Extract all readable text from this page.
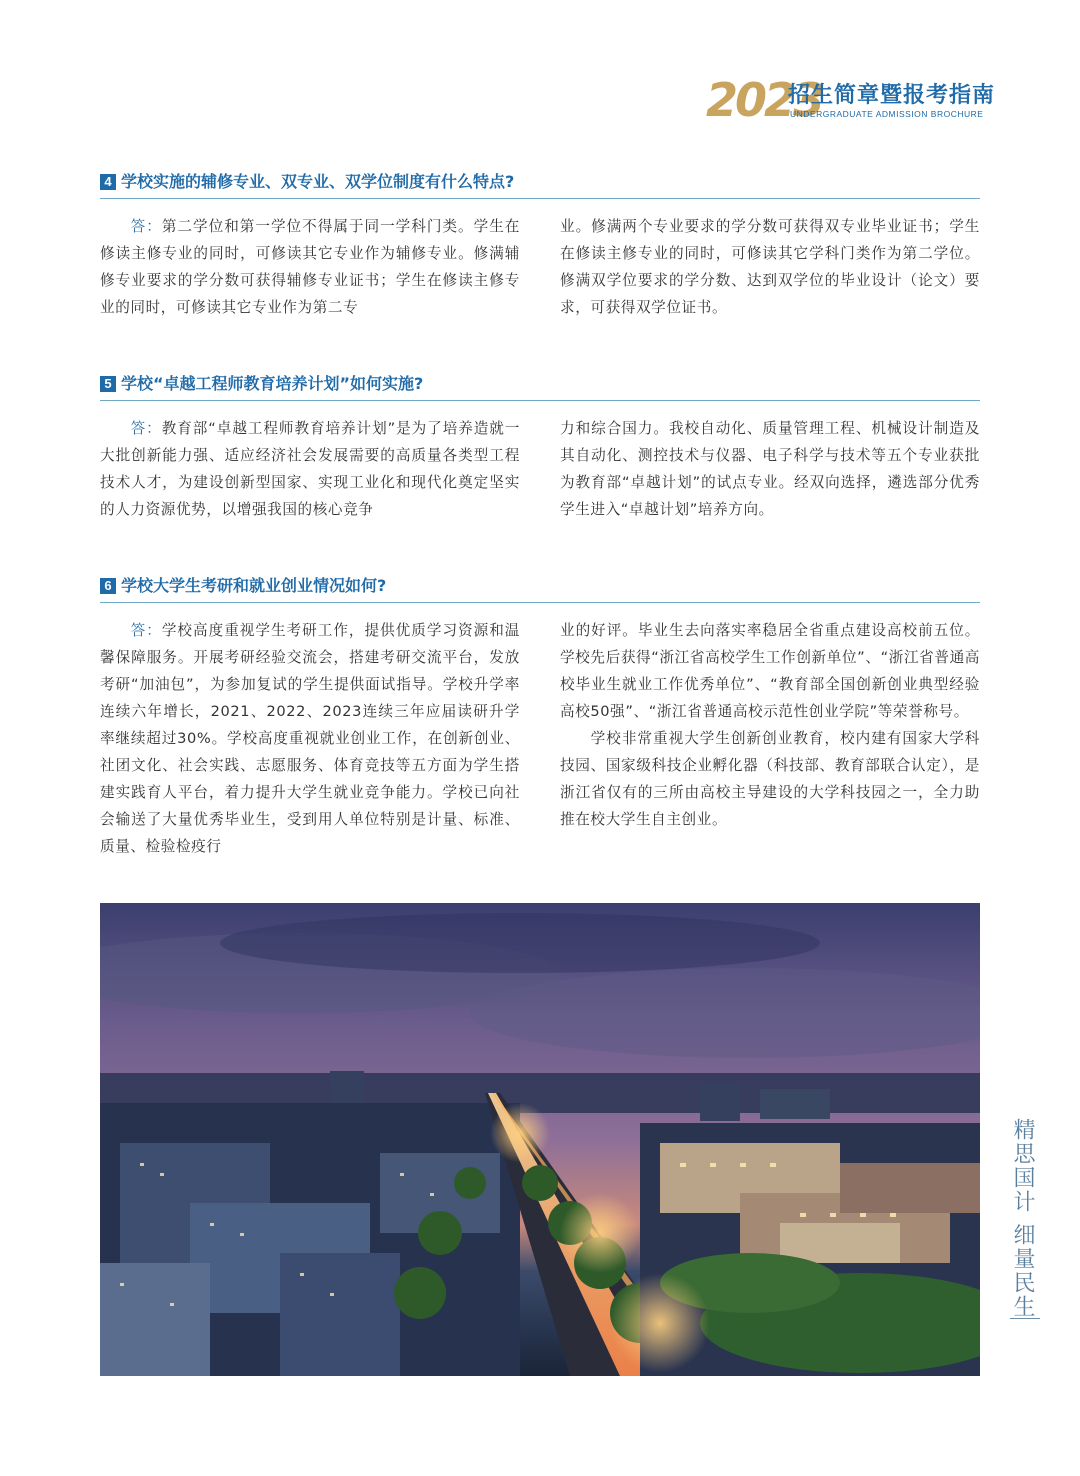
2023
招生简章暨报考指南
UNDERGRADUATE ADMISSION BROCHURE
4 学校实施的辅修专业、双专业、双学位制度有什么特点?

答：第二学位和第一学位不得属于同一学科门类。学生在修读主修专业的同时，可修读其它专业作为辅修专业。修满辅修专业要求的学分数可获得辅修专业证书；学生在修读主修专业的同时，可修读其它专业作为第二专

业。修满两个专业要求的学分数可获得双专业毕业证书；学生在修读主修专业的同时，可修读其它学科门类作为第二学位。修满双学位要求的学分数、达到双学位的毕业设计（论文）要求，可获得双学位证书。

5 学校“卓越工程师教育培养计划”如何实施?

答：教育部“卓越工程师教育培养计划”是为了培养造就一大批创新能力强、适应经济社会发展需要的高质量各类型工程技术人才，为建设创新型国家、实现工业化和现代化奠定坚实的人力资源优势，以增强我国的核心竞争

力和综合国力。我校自动化、质量管理工程、机械设计制造及其自动化、测控技术与仪器、电子科学与技术等五个专业获批为教育部“卓越计划”的试点专业。经双向选择，遴选部分优秀学生进入“卓越计划”培养方向。

6 学校大学生考研和就业创业情况如何?

答：学校高度重视学生考研工作，提供优质学习资源和温馨保障服务。开展考研经验交流会，搭建考研交流平台，发放考研“加油包”，为参加复试的学生提供面试指导。学校升学率连续六年增长，2021、2022、2023连续三年应届读研升学率继续超过30%。学校高度重视就业创业工作，在创新创业、社团文化、社会实践、志愿服务、体育竞技等五方面为学生搭建实践育人平台，着力提升大学生就业竞争能力。学校已向社会输送了大量优秀毕业生，受到用人单位特别是计量、标准、质量、检验检疫行

业的好评。毕业生去向落实率稳居全省重点建设高校前五位。学校先后获得“浙江省高校学生工作创新单位”、“浙江省普通高校毕业生就业工作优秀单位”、“教育部全国创新创业典型经验高校50强”、“浙江省普通高校示范性创业学院”等荣誉称号。

学校非常重视大学生创新创业教育，校内建有国家大学科技园、国家级科技企业孵化器（科技部、教育部联合认定），是浙江省仅有的三所由高校主导建设的大学科技园之一，全力助推在校大学生自主创业。

精思国计 细量民生
